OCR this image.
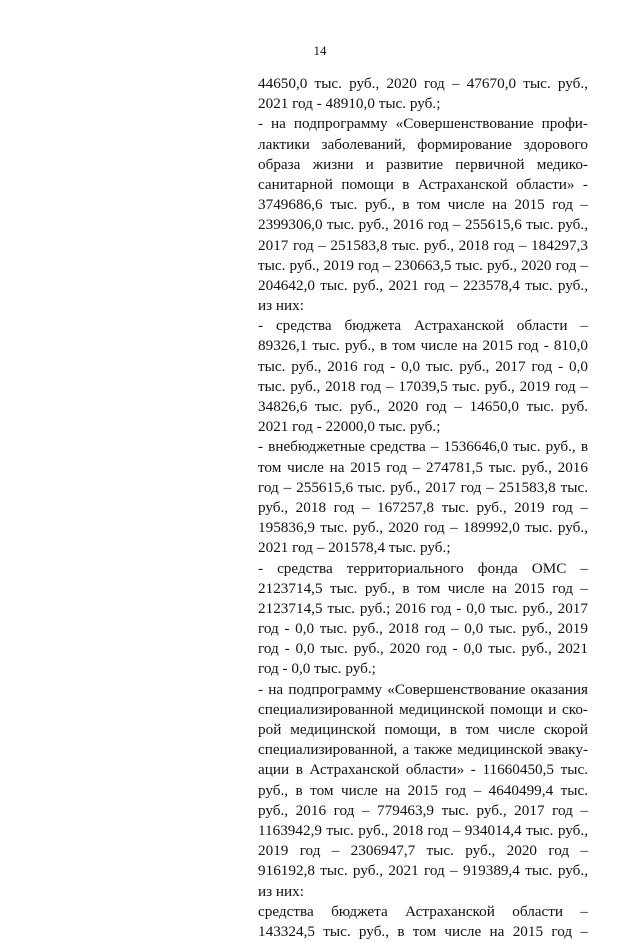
14
44650,0 тыс. руб., 2020 год – 47670,0 тыс. руб.,
2021 год - 48910,0 тыс. руб.;
- на подпрограмму «Совершенствование профи-
лактики заболеваний, формирование здорового
образа жизни и развитие первичной медико-
санитарной помощи в Астраханской области» -
3749686,6 тыс. руб., в том числе на 2015 год –
2399306,0 тыс. руб., 2016 год – 255615,6 тыс. руб.,
2017 год – 251583,8 тыс. руб., 2018 год – 184297,3
тыс. руб., 2019 год – 230663,5 тыс. руб., 2020 год –
204642,0 тыс. руб., 2021 год – 223578,4 тыс. руб.,
из них:
- средства бюджета Астраханской области –
89326,1 тыс. руб., в том числе на 2015 год - 810,0
тыс. руб., 2016 год - 0,0 тыс. руб., 2017 год - 0,0
тыс. руб., 2018 год – 17039,5 тыс. руб., 2019 год –
34826,6 тыс. руб., 2020 год – 14650,0 тыс. руб.
2021 год - 22000,0 тыс. руб.;
- внебюджетные средства – 1536646,0 тыс. руб., в
том числе на 2015 год – 274781,5 тыс. руб., 2016
год – 255615,6 тыс. руб., 2017 год – 251583,8 тыс.
руб., 2018 год – 167257,8 тыс. руб., 2019 год –
195836,9 тыс. руб., 2020 год – 189992,0 тыс. руб.,
2021 год – 201578,4 тыс. руб.;
- средства территориального фонда ОМС –
2123714,5 тыс. руб., в том числе на 2015 год –
2123714,5 тыс. руб.; 2016 год - 0,0 тыс. руб., 2017
год - 0,0 тыс. руб., 2018 год – 0,0 тыс. руб., 2019
год - 0,0 тыс. руб., 2020 год - 0,0 тыс. руб., 2021
год - 0,0 тыс. руб.;
- на подпрограмму «Совершенствование оказания
специализированной медицинской помощи и ско-
рой медицинской помощи, в том числе скорой
специализированной, а также медицинской эваку-
ации в Астраханской области» - 11660450,5 тыс.
руб., в том числе на 2015 год – 4640499,4 тыс.
руб., 2016 год – 779463,9 тыс. руб., 2017 год –
1163942,9 тыс. руб., 2018 год – 934014,4 тыс. руб.,
2019 год – 2306947,7 тыс. руб., 2020 год –
916192,8 тыс. руб., 2021 год – 919389,4 тыс. руб.,
из них:
средства бюджета Астраханской области –
143324,5 тыс. руб., в том числе на 2015 год –
